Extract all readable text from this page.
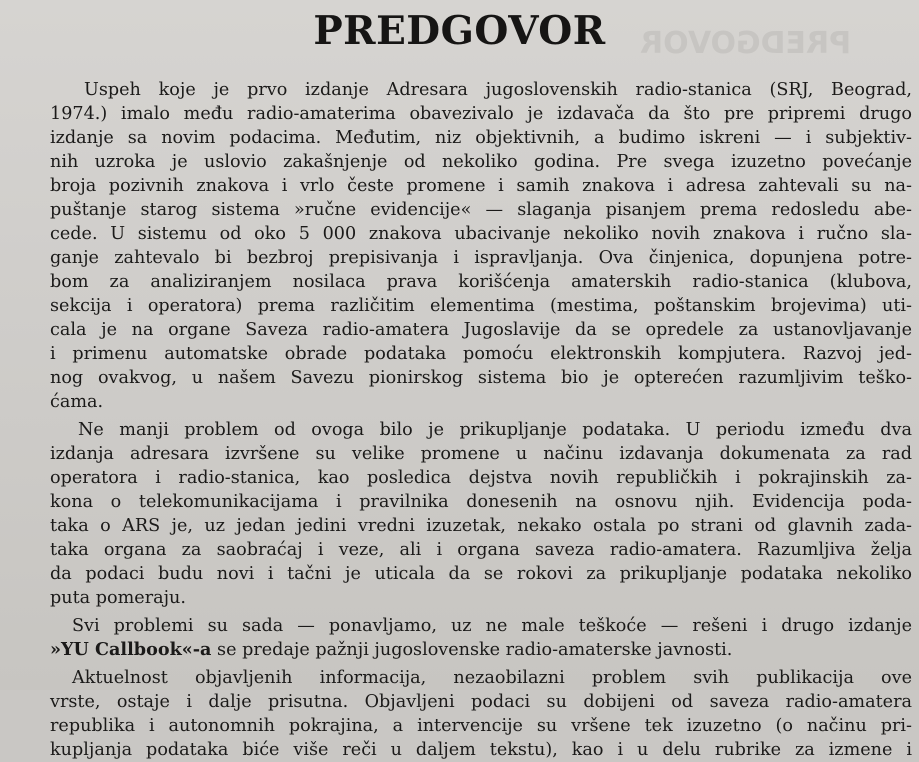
PREDGOVOR
PREDGOVOR
Uspeh koje je prvo izdanje Adresara jugoslovenskih radio-stanica (SRJ, Beograd,
1974.) imalo među radio-amaterima obavezivalo je izdavača da što pre pripremi drugo
izdanje sa novim podacima. Međutim, niz objektivnih, a budimo iskreni — i subjektiv-
nih uzroka je uslovio zakašnjenje od nekoliko godina. Pre svega izuzetno povećanje
broja pozivnih znakova i vrlo česte promene i samih znakova i adresa zahtevali su na-
puštanje starog sistema »ručne evidencije« — slaganja pisanjem prema redosledu abe-
cede. U sistemu od oko 5 000 znakova ubacivanje nekoliko novih znakova i ručno sla-
ganje zahtevalo bi bezbroj prepisivanja i ispravljanja. Ova činjenica, dopunjena potre-
bom za analiziranjem nosilaca prava korišćenja amaterskih radio-stanica (klubova,
sekcija i operatora) prema različitim elementima (mestima, poštanskim brojevima) uti-
cala je na organe Saveza radio-amatera Jugoslavije da se opredele za ustanovljavanje
i primenu automatske obrade podataka pomoću elektronskih kompjutera. Razvoj jed-
nog ovakvog, u našem Savezu pionirskog sistema bio je opterećen razumljivim teško-
ćama.
Ne manji problem od ovoga bilo je prikupljanje podataka. U periodu između dva
izdanja adresara izvršene su velike promene u načinu izdavanja dokumenata za rad
operatora i radio-stanica, kao posledica dejstva novih republičkih i pokrajinskih za-
kona o telekomunikacijama i pravilnika donesenih na osnovu njih. Evidencija poda-
taka o ARS je, uz jedan jedini vredni izuzetak, nekako ostala po strani od glavnih zada-
taka organa za saobraćaj i veze, ali i organa saveza radio-amatera. Razumljiva želja
da podaci budu novi i tačni je uticala da se rokovi za prikupljanje podataka nekoliko
puta pomeraju.
Svi problemi su sada — ponavljamo, uz ne male teškoće — rešeni i drugo izdanje
»YU Callbook«-a se predaje pažnji jugoslovenske radio-amaterske javnosti.
Aktuelnost objavljenih informacija, nezaobilazni problem svih publikacija ove
vrste, ostaje i dalje prisutna. Objavljeni podaci su dobijeni od saveza radio-amatera
republika i autonomnih pokrajina, a intervencije su vršene tek izuzetno (o načinu pri-
kupljanja podataka biće više reči u daljem tekstu), kao i u delu rubrike za izmene i
